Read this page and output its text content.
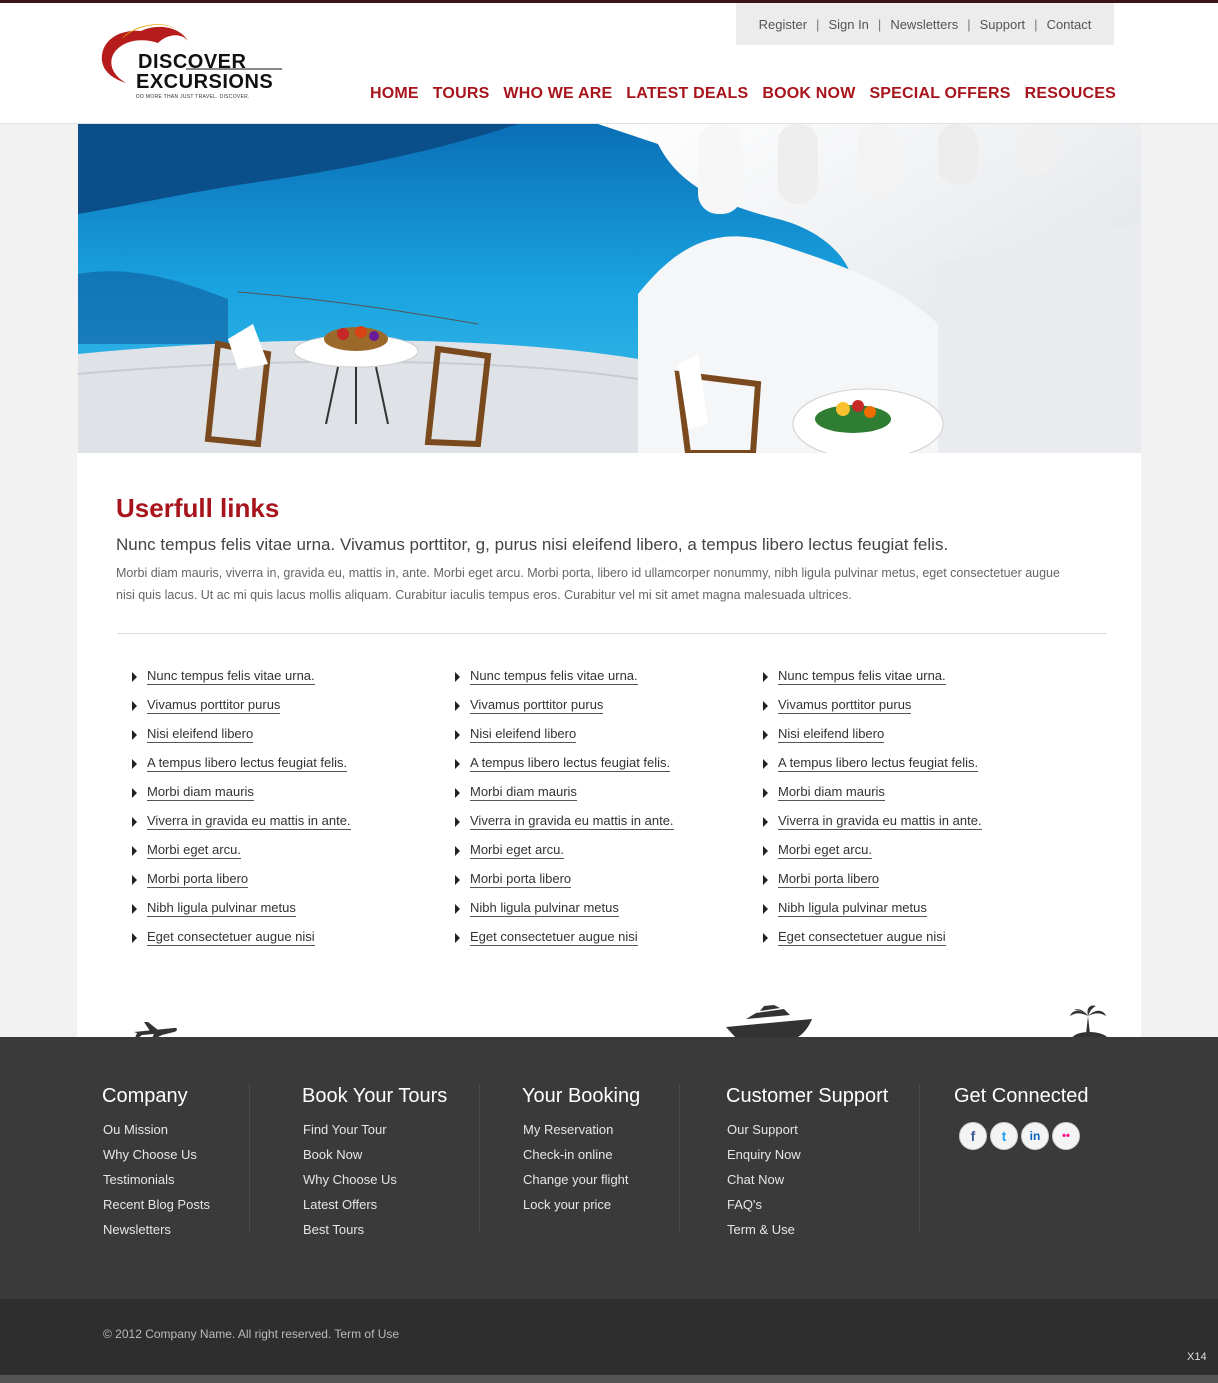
Register | Sign In | Newsletters | Support | Contact
DISCOVER
EXCURSIONS
DO MORE THAN JUST TRAVEL. DISCOVER.	HOME TOURS WHO WE ARE LATEST DEALS BOOK NOW SPECIAL OFFERS RESOUCES
Userfull links

Nunc tempus felis vitae urna. Vivamus porttitor, g, purus nisi eleifend libero, a tempus libero lectus feugiat felis.

Morbi diam mauris, viverra in, gravida eu, mattis in, ante. Morbi eget arcu. Morbi porta, libero id ullamcorper nonummy, nibh ligula pulvinar metus, eget consectetuer augue nisi quis lacus. Ut ac mi quis lacus mollis aliquam. Curabitur iaculis tempus eros. Curabitur vel mi sit amet magna malesuada ultrices.

Nunc tempus felis vitae urna.
Vivamus porttitor purus
Nisi eleifend libero
A tempus libero lectus feugiat felis.
Morbi diam mauris
Viverra in gravida eu mattis in ante.
Morbi eget arcu.
Morbi porta libero
Nibh ligula pulvinar metus
Eget consectetuer augue nisi
Nunc tempus felis vitae urna.
Vivamus porttitor purus
Nisi eleifend libero
A tempus libero lectus feugiat felis.
Morbi diam mauris
Viverra in gravida eu mattis in ante.
Morbi eget arcu.
Morbi porta libero
Nibh ligula pulvinar metus
Eget consectetuer augue nisi
Nunc tempus felis vitae urna.
Vivamus porttitor purus
Nisi eleifend libero
A tempus libero lectus feugiat felis.
Morbi diam mauris
Viverra in gravida eu mattis in ante.
Morbi eget arcu.
Morbi porta libero
Nibh ligula pulvinar metus
Eget consectetuer augue nisi
Company
Ou Mission
Why Choose Us
Testimonials
Recent Blog Posts
Newsletters
Book Your Tours
Find Your Tour
Book Now
Why Choose Us
Latest Offers
Best Tours
Your Booking
My Reservation
Check-in online
Change your flight
Lock your price
Customer Support
Our Support
Enquiry Now
Chat Now
FAQ's
Term & Use
Get Connected
f	t	in	••
© 2012 Company Name. All right reserved. Term of Use
X14
